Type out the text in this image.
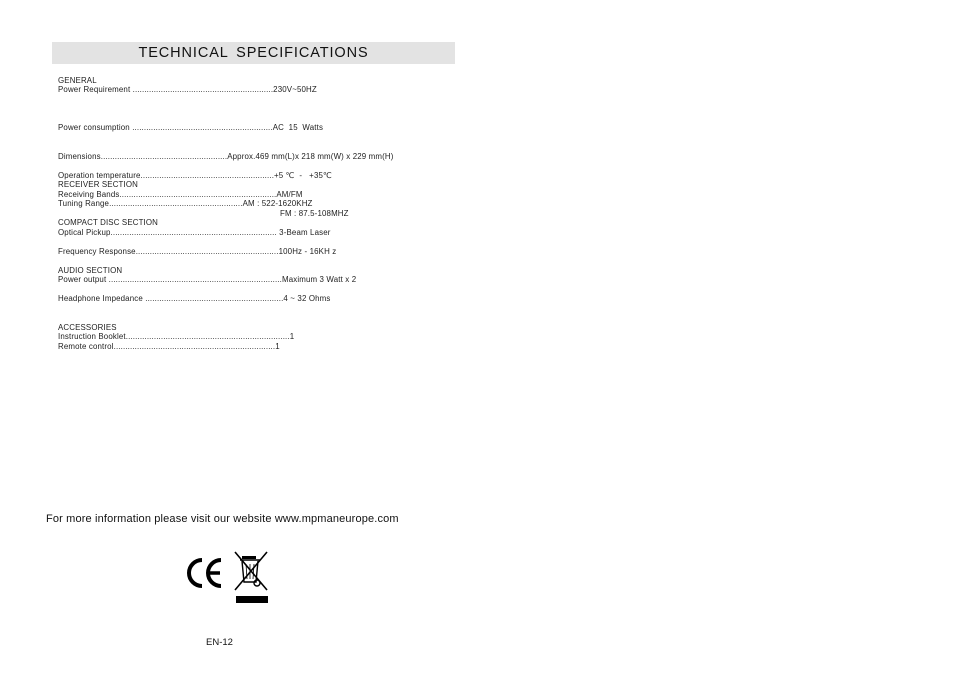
TECHNICAL SPECIFICATIONS
GENERAL
Power Requirement ............................................................230V~50HZ
Power consumption ............................................................AC  15  Watts
Dimensions......................................................Approx.469 mm(L)x 218 mm(W) x 229 mm(H)
Operation temperature.........................................................+5 ℃  -   +35℃
RECEIVER SECTION
Receiving Bands...................................................................AM/FM
Tuning Range.........................................................AM : 522-1620KHZ
FM : 87.5-108MHZ
COMPACT DISC SECTION
Optical Pickup....................................................................... 3-Beam Laser
Frequency Response.............................................................100Hz - 16KH z
AUDIO SECTION
Power output ..........................................................................Maximum 3 Watt x 2
Headphone Impedance ...........................................................4 ~ 32 Ohms
ACCESSORIES
Instruction Booklet......................................................................1
Remote control.....................................................................1
For more information please visit our website www.mpmaneurope.com
EN-12
